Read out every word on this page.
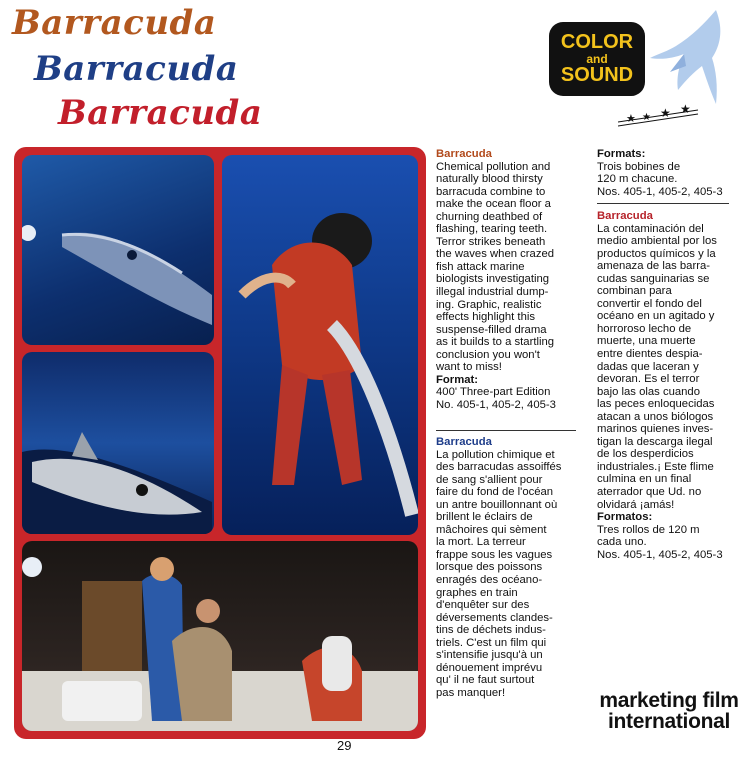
Barracuda
Barracuda
Barracuda
COLOR
and
SOUND
★ ★ ★ ★
Barracuda

Chemical pollution and

naturally blood thirsty

barracuda combine to

make the ocean floor a

churning deathbed of

flashing, tearing teeth.

Terror strikes beneath

the waves when crazed

fish attack marine

biologists investigating

illegal industrial dump-

ing. Graphic, realistic

effects highlight this

suspense-filled drama

as it builds to a startling

conclusion you won't

want to miss!

Format:

400' Three-part Edition

No. 405-1, 405-2, 405-3

Barracuda

La pollution chimique et

des barracudas assoiffés

de sang s'allient pour

faire du fond de l'océan

un antre bouillonnant où

brillent le éclairs de

mâchoires qui sèment

la mort. La terreur

frappe sous les vagues

lorsque des poissons

enragés des océano-

graphes en train

d'enquêter sur des

déversements clandes-

tins de déchets indus-

triels. C'est un film qui

s'intensifie jusqu'à un

dénouement imprévu

qu' il ne faut surtout

pas manquer!

Formats:

Trois bobines de

120 m chacune.

Nos. 405-1, 405-2, 405-3

Barracuda

La contaminación del

medio ambiental por los

productos químicos y la

amenaza de las barra-

cudas sanguinarias se

combinan para

convertir el fondo del

océano en un agitado y

horroroso lecho de

muerte, una muerte

entre dientes despia-

dadas que laceran y

devoran. Es el terror

bajo las olas cuando

las peces enloquecidas

atacan a unos biólogos

marinos quienes inves-

tigan la descarga ilegal

de los desperdicios

industriales.¡ Este flime

culmina en un final

aterrador que Ud. no

olvidará ¡amás!

Formatos:

Tres rollos de 120 m

cada uno.

Nos. 405-1, 405-2, 405-3

marketing film
international
29
